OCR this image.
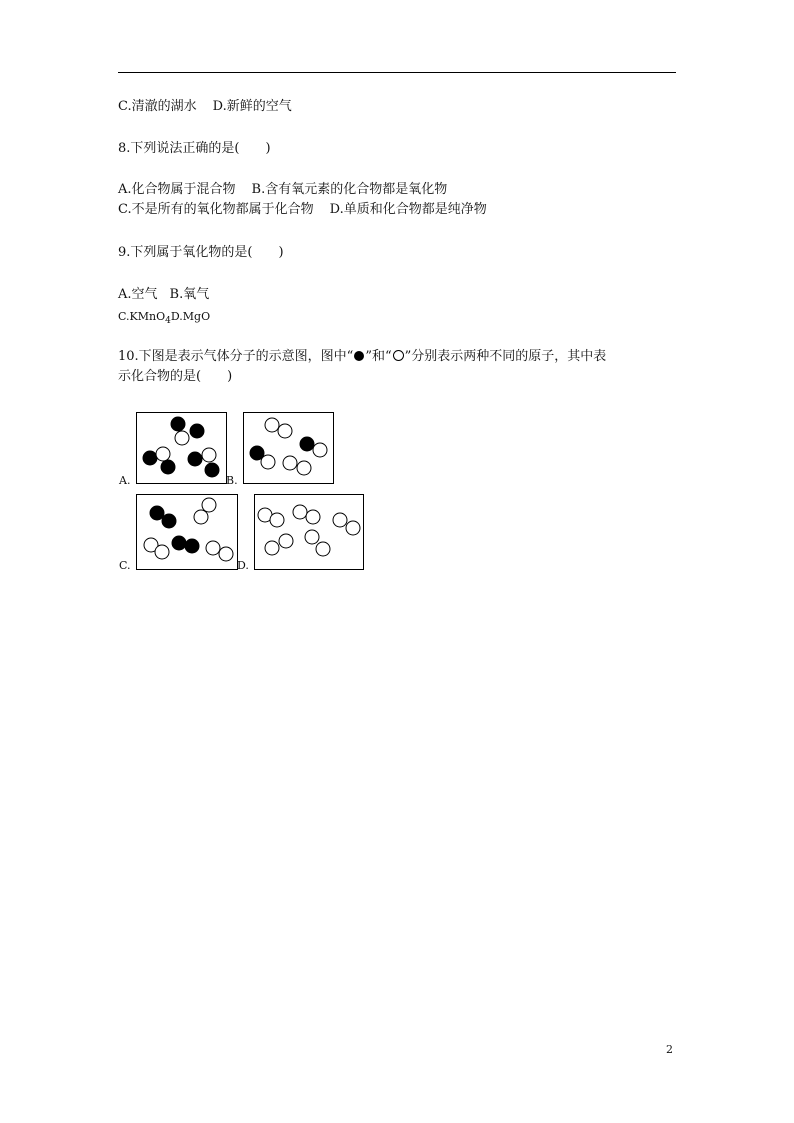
C.清澈的湖水 D.新鲜的空气
8.下列说法正确的是(　　)
A.化合物属于混合物 B.含有氧元素的化合物都是氧化物
C.不是所有的氧化物都属于化合物 D.单质和化合物都是纯净物
9.下列属于氧化物的是(　　)
A.空气 B.氧气
C.KMnO$_4$D.MgO
10.下图是表示气体分子的示意图，图中“ ”和“ ”分别表示两种不同的原子，其中表
示化合物的是(　　)
A.	B.
C.	D.
2
